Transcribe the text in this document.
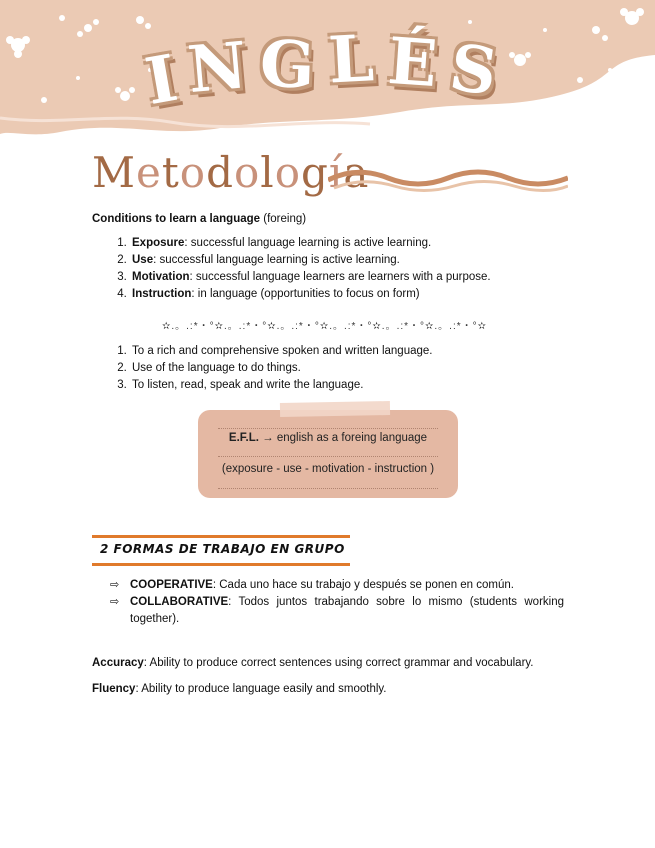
INGLÉS
Metodología
Conditions to learn a language (foreing)
1. Exposure: successful language learning is active learning.
2. Use: successful language learning is active learning.
3. Motivation: successful language learners are learners with a purpose.
4. Instruction: in language (opportunities to focus on form)
✫.。.:*・°✫.。.:*・°✫.。.:*・°✫.。.:*・°✫.。.:*・°✫.。.:*・°✫
1. To a rich and comprehensive spoken and written language.
2. Use of the language to do things.
3. To listen, read, speak and write the language.
E.F.L. → english as a foreing language
(exposure - use - motivation - instruction )
2 FORMAS DE TRABAJO EN GRUPO
⇨ COOPERATIVE: Cada uno hace su trabajo y después se ponen en común.
⇨ COLLABORATIVE: Todos juntos trabajando sobre lo mismo (students working together).
Accuracy: Ability to produce correct sentences using correct grammar and vocabulary.
Fluency: Ability to produce language easily and smoothly.
